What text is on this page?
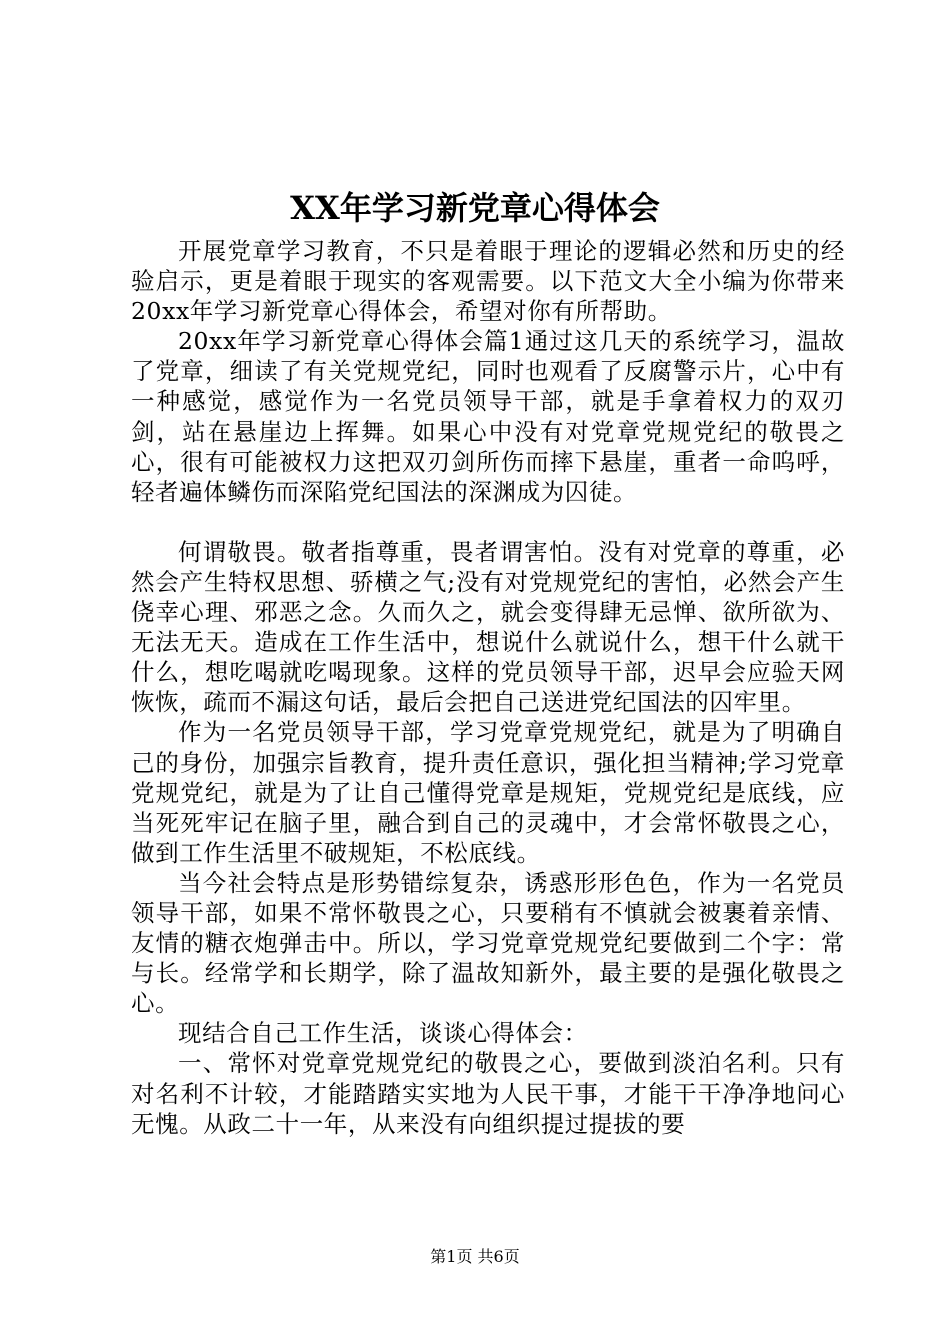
XX年学习新党章心得体会

开展党章学习教育，不只是着眼于理论的逻辑必然和历史的经验启示，更是着眼于现实的客观需要。以下范文大全小编为你带来20xx年学习新党章心得体会，希望对你有所帮助。

20xx年学习新党章心得体会篇1通过这几天的系统学习，温故了党章，细读了有关党规党纪，同时也观看了反腐警示片，心中有一种感觉，感觉作为一名党员领导干部，就是手拿着权力的双刃剑，站在悬崖边上挥舞。如果心中没有对党章党规党纪的敬畏之心，很有可能被权力这把双刃剑所伤而摔下悬崖，重者一命呜呼，轻者遍体鳞伤而深陷党纪国法的深渊成为囚徒。

何谓敬畏。敬者指尊重，畏者谓害怕。没有对党章的尊重，必然会产生特权思想、骄横之气;没有对党规党纪的害怕，必然会产生侥幸心理、邪恶之念。久而久之，就会变得肆无忌惮、欲所欲为、无法无天。造成在工作生活中，想说什么就说什么，想干什么就干什么，想吃喝就吃喝现象。这样的党员领导干部，迟早会应验天网恢恢，疏而不漏这句话，最后会把自己送进党纪国法的囚牢里。

作为一名党员领导干部，学习党章党规党纪，就是为了明确自己的身份，加强宗旨教育，提升责任意识，强化担当精神;学习党章党规党纪，就是为了让自己懂得党章是规矩，党规党纪是底线，应当死死牢记在脑子里，融合到自己的灵魂中，才会常怀敬畏之心，做到工作生活里不破规矩，不松底线。

当今社会特点是形势错综复杂，诱惑形形色色，作为一名党员领导干部，如果不常怀敬畏之心，只要稍有不慎就会被裹着亲情、友情的糖衣炮弹击中。所以，学习党章党规党纪要做到二个字：常与长。经常学和长期学，除了温故知新外，最主要的是强化敬畏之心。

现结合自己工作生活，谈谈心得体会：

一、常怀对党章党规党纪的敬畏之心，要做到淡泊名利。只有对名利不计较，才能踏踏实实地为人民干事，才能干干净净地问心无愧。从政二十一年，从来没有向组织提过提拔的要

第1页 共6页
